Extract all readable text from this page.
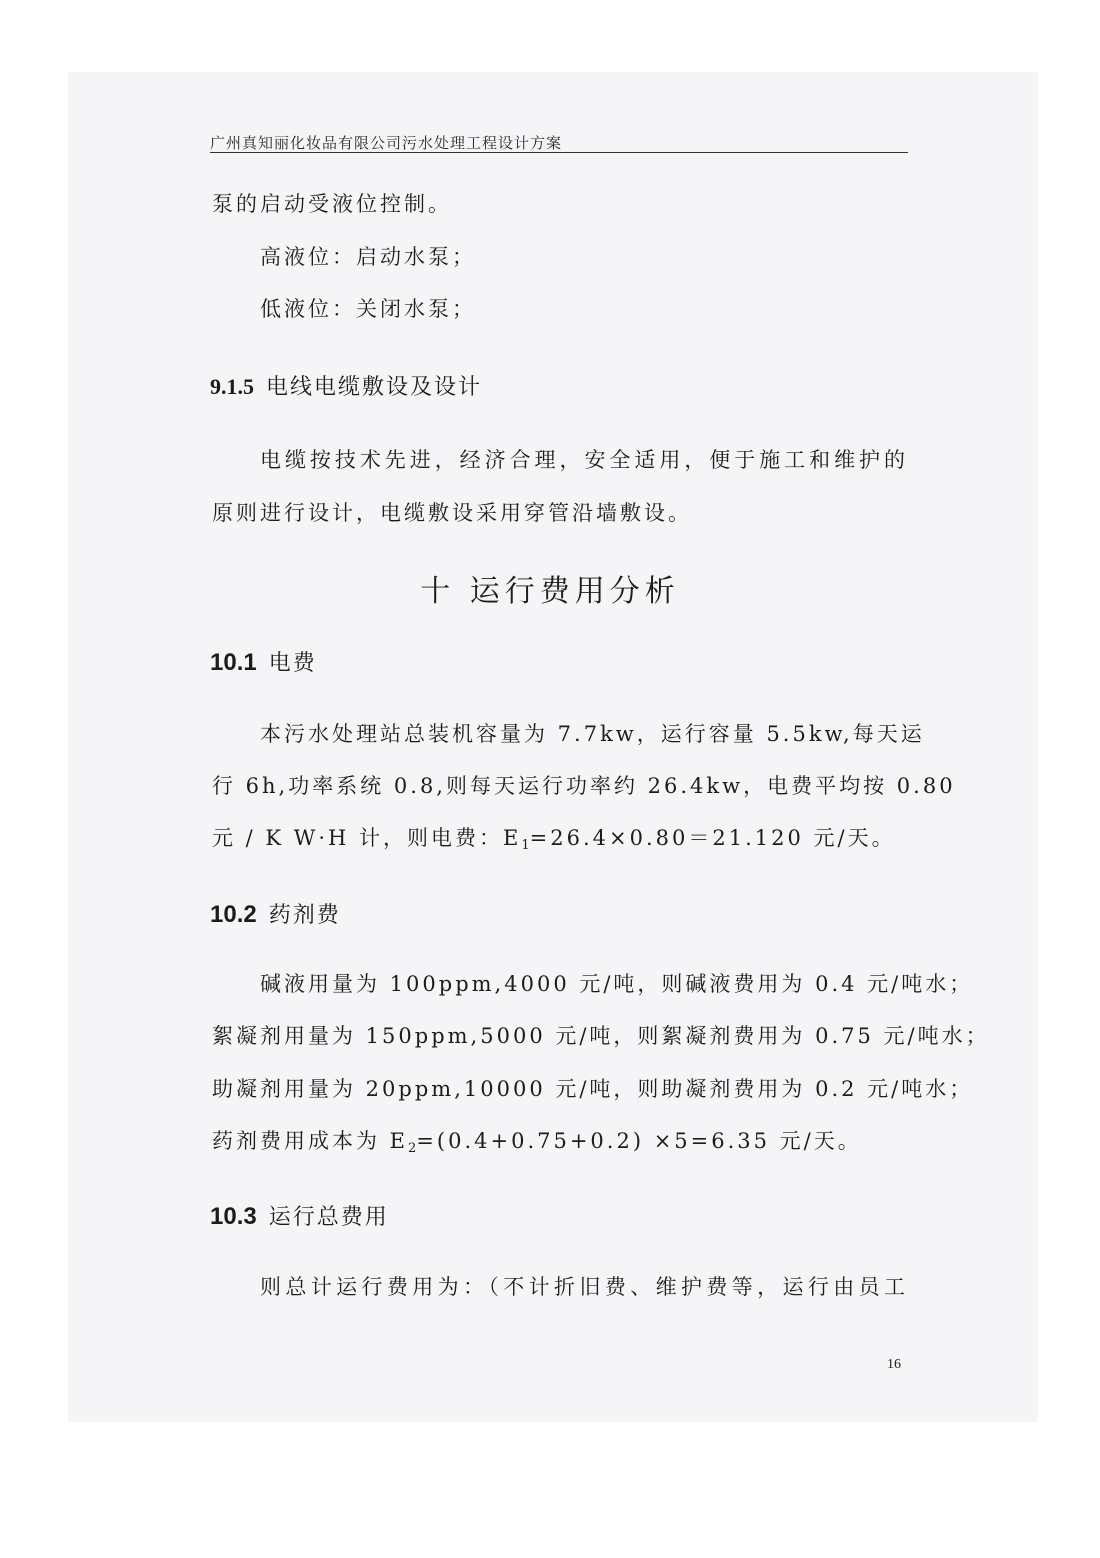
广州真知丽化妆品有限公司污水处理工程设计方案
泵的启动受液位控制。
高液位：启动水泵；
低液位：关闭水泵；
9.1.5 电线电缆敷设及设计
电缆按技术先进，经济合理，安全适用，便于施工和维护的
原则进行设计，电缆敷设采用穿管沿墙敷设。
十 运行费用分析
10.1 电费
本污水处理站总装机容量为 7.7kw，运行容量 5.5kw,每天运
行 6h,功率系统 0.8,则每天运行功率约 26.4kw，电费平均按 0.80
元 / K W·H 计，则电费：$E_1=26.4\times 0.80=21.120$ 元/天。
10.2 药剂费
碱液用量为 100ppm,4000 元/吨，则碱液费用为 0.4 元/吨水；
絮凝剂用量为 150ppm,5000 元/吨，则絮凝剂费用为 0.75 元/吨水；
助凝剂用量为 20ppm,10000 元/吨，则助凝剂费用为 0.2 元/吨水；
药剂费用成本为 $E_2=(0.4+0.75+0.2) \times 5=6.35$ 元/天。
10.3 运行总费用
则总计运行费用为：（不计折旧费、维护费等，运行由员工
16
